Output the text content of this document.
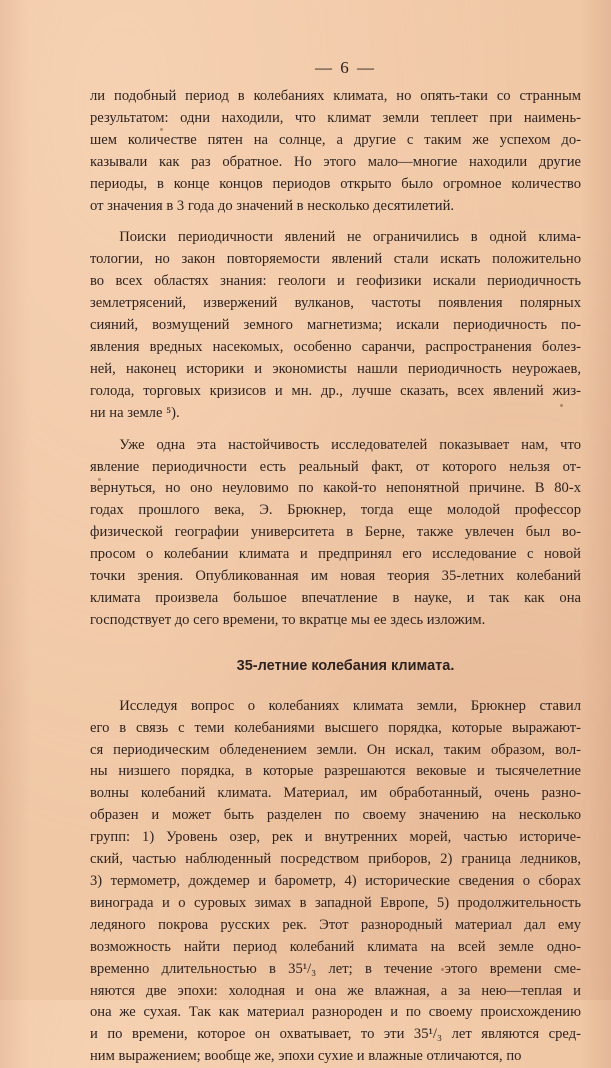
— 6 —
ли подобный период в колебаниях климата, но опять-таки со странным
результатом: одни находили, что климат земли теплеет при наимень-
шем количестве пятен на солнце, а другие с таким же успехом до-
казывали как раз обратное. Но этого мало—многие находили другие
периоды, в конце концов периодов открыто было огромное количество
от значения в 3 года до значений в несколько десятилетий.
Поиски периодичности явлений не ограничились в одной клима-
тологии, но закон повторяемости явлений стали искать положительно
во всех областях знания: геологи и геофизики искали периодичность
землетрясений, извержений вулканов, частоты появления полярных
сияний, возмущений земного магнетизма; искали периодичность по-
явления вредных насекомых, особенно саранчи, распространения болез-
ней, наконец историки и экономисты нашли периодичность неурожаев,
голода, торговых кризисов и мн. др., лучше сказать, всех явлений жиз-
ни на земле ⁵).
Уже одна эта настойчивость исследователей показывает нам, что
явление периодичности есть реальный факт, от которого нельзя от-
вернуться, но оно неуловимо по какой-то непонятной причине. В 80-х
годах прошлого века, Э. Брюкнер, тогда еще молодой профессор
физической географии университета в Берне, также увлечен был во-
просом о колебании климата и предпринял его исследование с новой
точки зрения. Опубликованная им новая теория 35-летних колебаний
климата произвела большое впечатление в науке, и так как она
господствует до сего времени, то вкратце мы ее здесь изложим.
35-летние колебания климата.
Исследуя вопрос о колебаниях климата земли, Брюкнер ставил
его в связь с теми колебаниями высшего порядка, которые выражают-
ся периодическим обледенением земли. Он искал, таким образом, вол-
ны низшего порядка, в которые разрешаются вековые и тысячелетние
волны колебаний климата. Материал, им обработанный, очень разно-
образен и может быть разделен по своему значению на несколько
групп: 1) Уровень озер, рек и внутренних морей, частью историче-
ский, частью наблюденный посредством приборов, 2) граница ледников,
3) термометр, дождемер и барометр, 4) исторические сведения о сборах
винограда и о суровых зимах в западной Европе, 5) продолжительность
ледяного покрова русских рек. Этот разнородный материал дал ему
возможность найти период колебаний климата на всей земле одно-
временно длительностью в 35¹/₃ лет; в течение этого времени сме-
няются две эпохи: холодная и она же влажная, а за нею—теплая и
она же сухая. Так как материал разнороден и по своему происхождению
и по времени, которое он охватывает, то эти 35¹/₃ лет являются сред-
ним выражением; вообще же, эпохи сухие и влажные отличаются, по
